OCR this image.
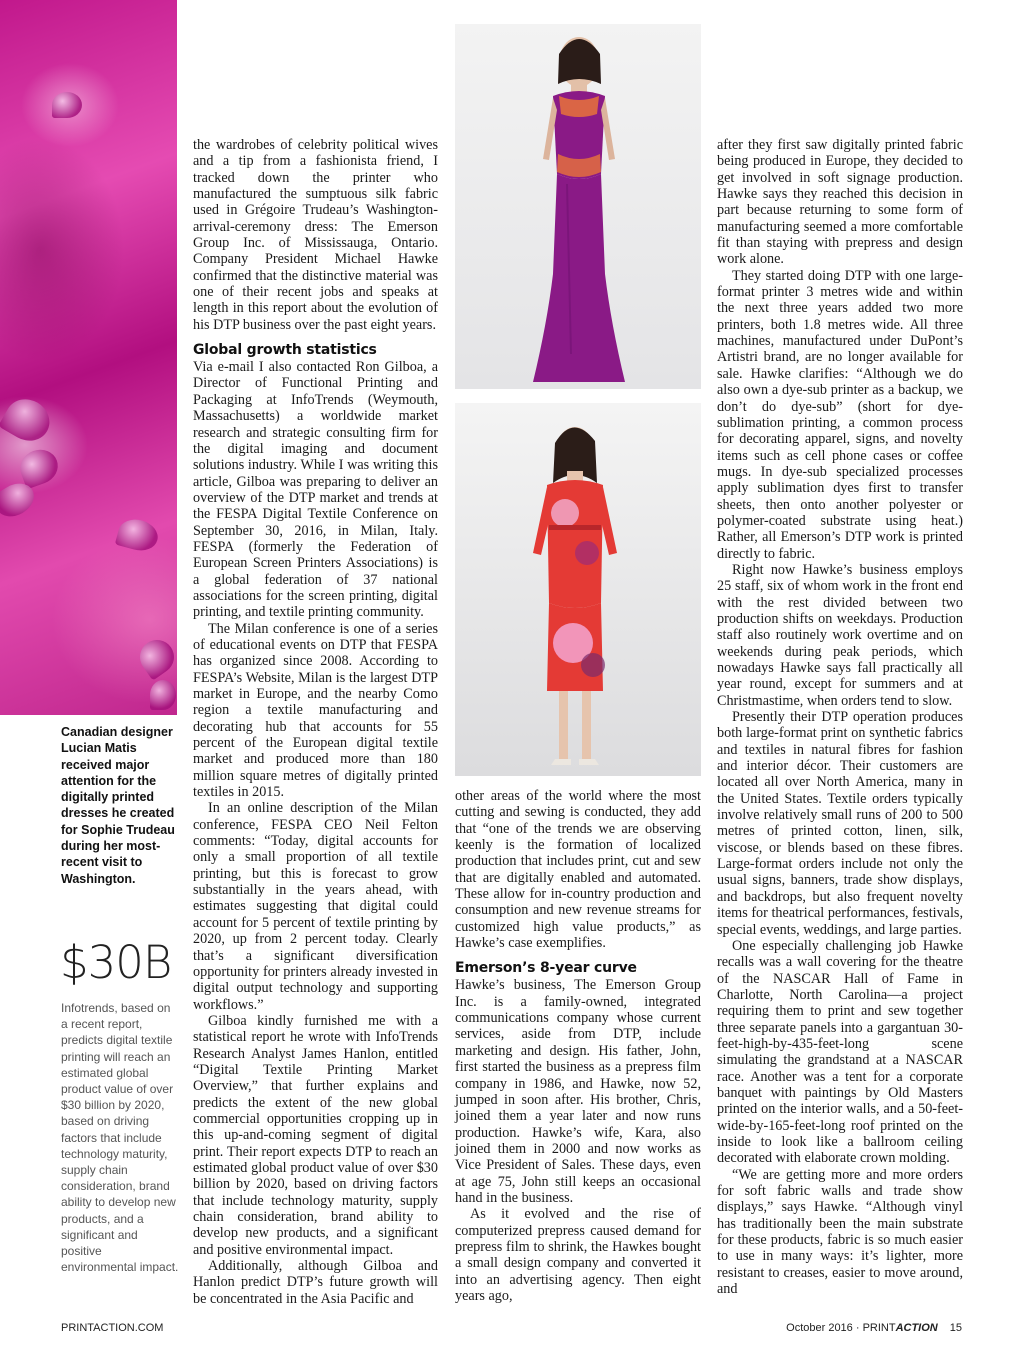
Canadian designer Lucian Matis received major attention for the digitally printed dresses he created for Sophie Trudeau during her most-recent visit to Washington.
$30B
Infotrends, based on a recent report, predicts digital textile printing will reach an estimated global product value of over $30 billion by 2020, based on driving factors that include technology maturity, supply chain consideration, brand ability to develop new products, and a significant and positive environmental impact.

the wardrobes of celebrity political wives and a tip from a fashionista friend, I tracked down the printer who manufactured the sumptuous silk fabric used in Grégoire Trudeau’s Washington-arrival-ceremony dress: The Emerson Group Inc. of Mississauga, Ontario. Company President Michael Hawke confirmed that the distinctive material was one of their recent jobs and speaks at length in this report about the evolution of his DTP business over the past eight years.

Global growth statistics

Via e-mail I also contacted Ron Gilboa, a Director of Functional Printing and Packaging at InfoTrends (Weymouth, Massachusetts) a worldwide market research and strategic consulting firm for the digital imaging and document solutions industry. While I was writing this article, Gilboa was preparing to deliver an overview of the DTP market and trends at the FESPA Digital Textile Conference on September 30, 2016, in Milan, Italy. FESPA (formerly the Federation of European Screen Printers Associations) is a global federation of 37 national associations for the screen printing, digital printing, and textile printing community.

The Milan conference is one of a series of educational events on DTP that FESPA has organized since 2008. According to FESPA’s Website, Milan is the largest DTP market in Europe, and the nearby Como region a textile manufacturing and decorating hub that accounts for 55 percent of the European digital textile market and produced more than 180 million square metres of digitally printed textiles in 2015.

In an online description of the Milan conference, FESPA CEO Neil Felton comments: “Today, digital accounts for only a small proportion of all textile printing, but this is forecast to grow substantially in the years ahead, with estimates suggesting that digital could account for 5 percent of textile printing by 2020, up from 2 percent today. Clearly that’s a significant diversification opportunity for printers already invested in digital output technology and supporting workflows.”

Gilboa kindly furnished me with a statistical report he wrote with InfoTrends Research Analyst James Hanlon, entitled “Digital Textile Printing Market Overview,” that further explains and predicts the extent of the new global commercial opportunities cropping up in this up-and-coming segment of digital print. Their report expects DTP to reach an estimated global product value of over $30 billion by 2020, based on driving factors that include technology maturity, supply chain consideration, brand ability to develop new products, and a significant and positive environmental impact.

Additionally, although Gilboa and Hanlon predict DTP’s future growth will be concentrated in the Asia Pacific and

other areas of the world where the most cutting and sewing is conducted, they add that “one of the trends we are observing keenly is the formation of localized production that includes print, cut and sew that are digitally enabled and automated. These allow for in-country production and consumption and new revenue streams for customized high value products,” as Hawke’s case exemplifies.

Emerson’s 8-year curve

Hawke’s business, The Emerson Group Inc. is a family-owned, integrated communications company whose current services, aside from DTP, include marketing and design. His father, John, first started the business as a prepress film company in 1986, and Hawke, now 52, jumped in soon after. His brother, Chris, joined them a year later and now runs production. Hawke’s wife, Kara, also joined them in 2000 and now works as Vice President of Sales. These days, even at age 75, John still keeps an occasional hand in the business.

As it evolved and the rise of computerized prepress caused demand for prepress film to shrink, the Hawkes bought a small design company and converted it into an advertising agency. Then eight years ago,

after they first saw digitally printed fabric being produced in Europe, they decided to get involved in soft signage production. Hawke says they reached this decision in part because returning to some form of manufacturing seemed a more comfortable fit than staying with prepress and design work alone.

They started doing DTP with one large-format printer 3 metres wide and within the next three years added two more printers, both 1.8 metres wide. All three machines, manufactured under DuPont’s Artistri brand, are no longer available for sale. Hawke clarifies: “Although we do also own a dye-sub printer as a backup, we don’t do dye-sub” (short for dye-sublimation printing, a common process for decorating apparel, signs, and novelty items such as cell phone cases or coffee mugs. In dye-sub specialized processes apply sublimation dyes first to transfer sheets, then onto another polyester or polymer-coated substrate using heat.) Rather, all Emerson’s DTP work is printed directly to fabric.

Right now Hawke’s business employs 25 staff, six of whom work in the front end with the rest divided between two production shifts on weekdays. Production staff also routinely work overtime and on weekends during peak periods, which nowadays Hawke says fall practically all year round, except for summers and at Christmastime, when orders tend to slow.

Presently their DTP operation produces both large-format print on synthetic fabrics and textiles in natural fibres for fashion and interior décor. Their customers are located all over North America, many in the United States. Textile orders typically involve relatively small runs of 200 to 500 metres of printed cotton, linen, silk, viscose, or blends based on these fibres. Large-format orders include not only the usual signs, banners, trade show displays, and backdrops, but also frequent novelty items for theatrical performances, festivals, special events, weddings, and large parties.

One especially challenging job Hawke recalls was a wall covering for the theatre of the NASCAR Hall of Fame in Charlotte, North Carolina—a project requiring them to print and sew together three separate panels into a gargantuan 30-feet-high-by-435-feet-long scene simulating the grandstand at a NASCAR race. Another was a tent for a corporate banquet with paintings by Old Masters printed on the interior walls, and a 50-feet-wide-by-165-feet-long roof printed on the inside to look like a ballroom ceiling decorated with elaborate crown molding.

“We are getting more and more orders for soft fabric walls and trade show displays,” says Hawke. “Although vinyl has traditionally been the main substrate for these products, fabric is so much easier to use in many ways: it’s lighter, more resistant to creases, easier to move around, and

PRINTACTION.COM	October 2016 · PRINTACTION 15
